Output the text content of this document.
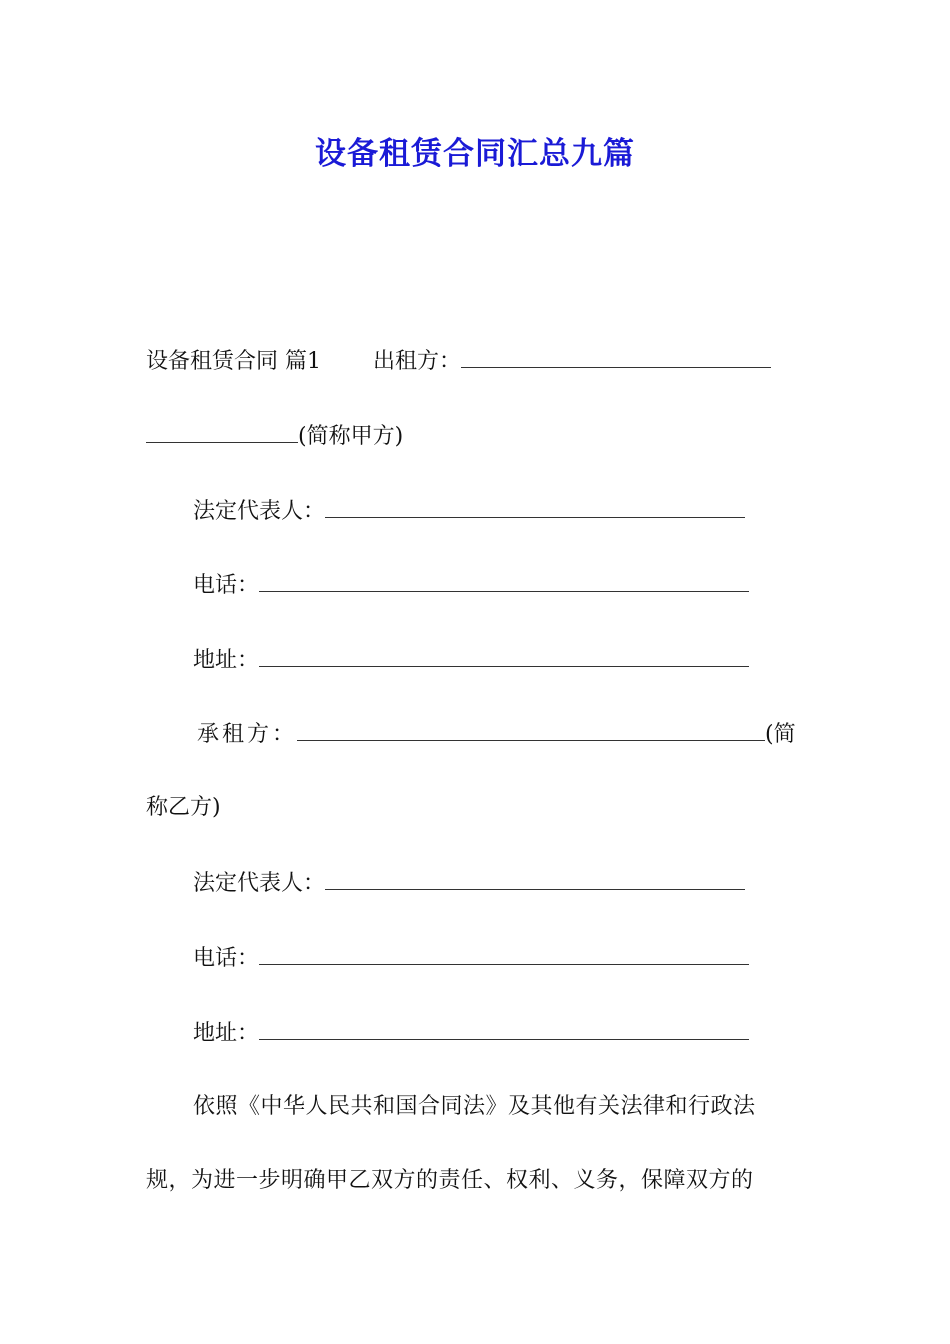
设备租赁合同汇总九篇
设备租赁合同 篇1 出租方：
(简称甲方)
法定代表人：
电话：
地址：
承租方：	(简
称乙方)
法定代表人：
电话：
地址：
依照《中华人民共和国合同法》及其他有关法律和行政法
规，为进一步明确甲乙双方的责任、权利、义务，保障双方的
